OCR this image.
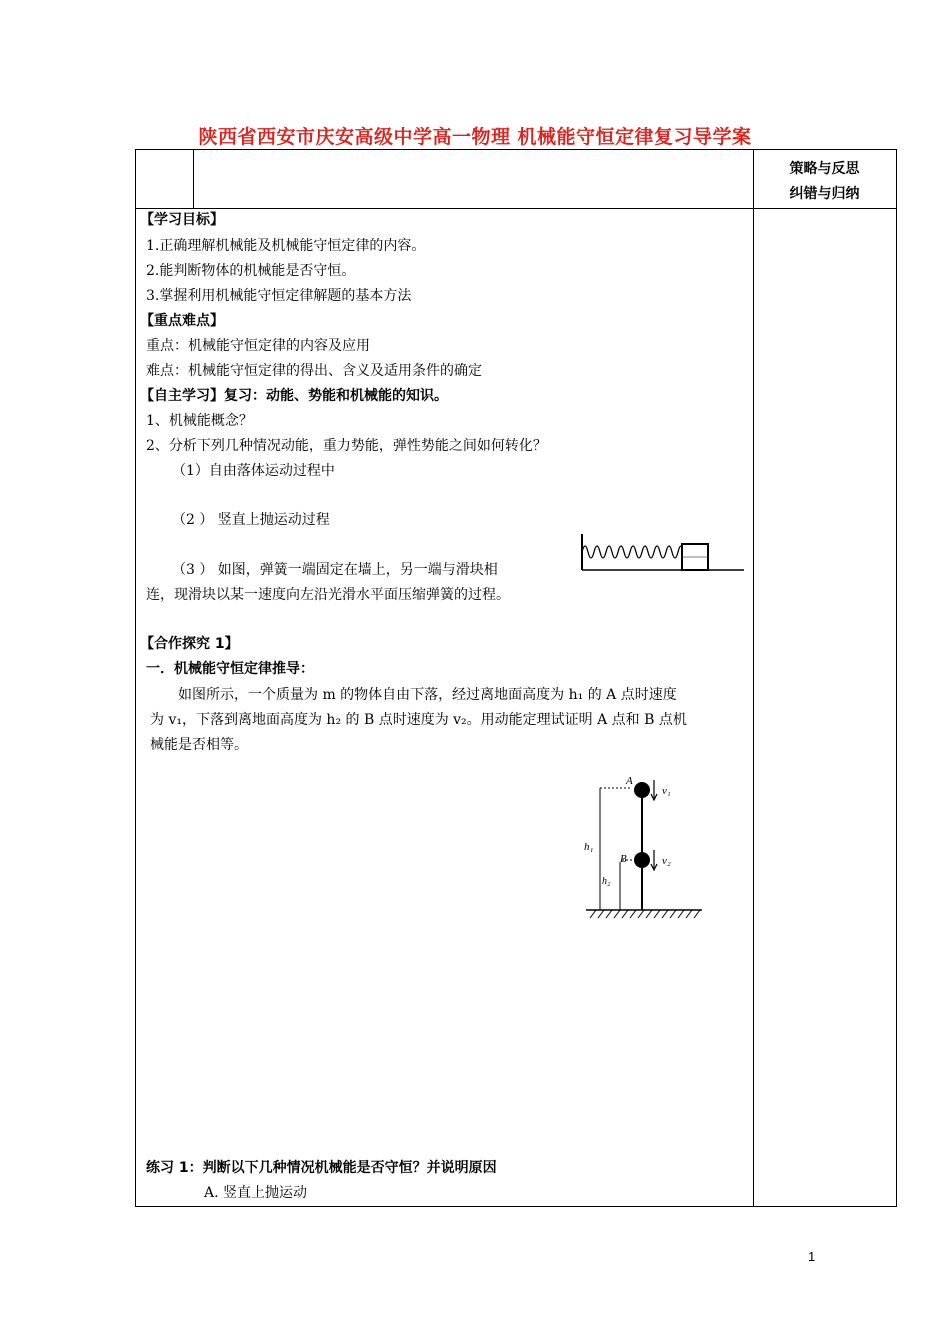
陕西省西安市庆安高级中学高一物理 机械能守恒定律复习导学案
策略与反思
纠错与归纳
【学习目标】
1.正确理解机械能及机械能守恒定律的内容。
2.能判断物体的机械能是否守恒。
3.掌握利用机械能守恒定律解题的基本方法
【重点难点】
重点：机械能守恒定律的内容及应用
难点：机械能守恒定律的得出、含义及适用条件的确定
【自主学习】复习：动能、势能和机械能的知识。
1、机械能概念？
2、分析下列几种情况动能，重力势能，弹性势能之间如何转化？
（1）自由落体运动过程中
（2 ） 竖直上抛运动过程
（3 ） 如图，弹簧一端固定在墙上，另一端与滑块相
连，现滑块以某一速度向左沿光滑水平面压缩弹簧的过程。
【合作探究 1】
一．机械能守恒定律推导：
如图所示，一个质量为 m 的物体自由下落，经过离地面高度为 h₁ 的 A 点时速度
为 v₁，下落到离地面高度为 h₂ 的 B 点时速度为 v₂。用动能定理试证明 A 点和 B 点机
械能是否相等。
A
B
v₁
v₂
h₁
h₂
练习 1：判断以下几种情况机械能是否守恒？并说明原因
A. 竖直上抛运动
1
